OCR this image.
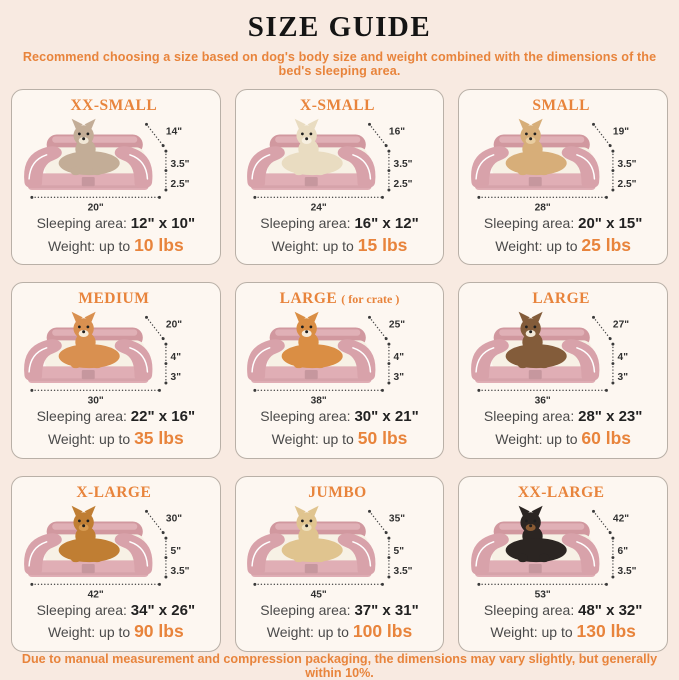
SIZE GUIDE

Recommend choosing a size based on dog's body size and weight combined with the dimensions of the bed's sleeping area.

XX-SMALL
14"
3.5"
2.5"
20"
Sleeping area: 12" x 10"
Weight: up to 10 lbs
X-SMALL
16"
3.5"
2.5"
24"
Sleeping area: 16" x 12"
Weight: up to 15 lbs
SMALL
19"
3.5"
2.5"
28"
Sleeping area: 20" x 15"
Weight: up to 25 lbs
MEDIUM
20"
4"
3"
30"
Sleeping area: 22" x 16"
Weight: up to 35 lbs
LARGE ( for crate )
25"
4"
3"
38"
Sleeping area: 30" x 21"
Weight: up to 50 lbs
LARGE
27"
4"
3"
36"
Sleeping area: 28" x 23"
Weight: up to 60 lbs
X-LARGE
30"
5"
3.5"
42"
Sleeping area: 34" x 26"
Weight: up to 90 lbs
JUMBO
35"
5"
3.5"
45"
Sleeping area: 37" x 31"
Weight: up to 100 lbs
XX-LARGE
42"
6"
3.5"
53"
Sleeping area: 48" x 32"
Weight: up to 130 lbs

Due to manual measurement and compression packaging, the dimensions may vary slightly, but generally within 10%.
